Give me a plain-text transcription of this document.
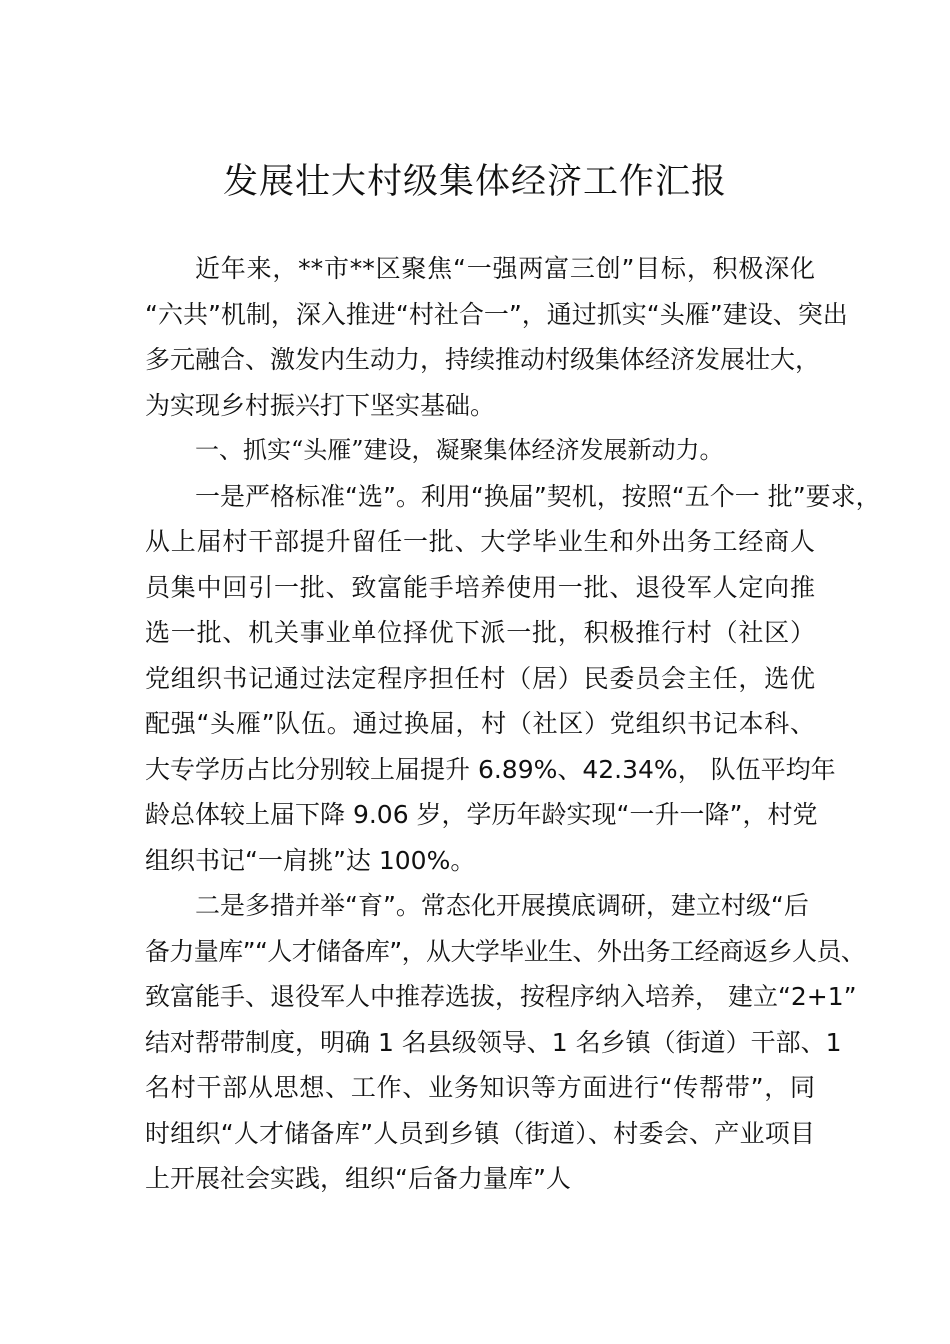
发展壮大村级集体经济工作汇报
近年来，**市**区聚焦“一强两富三创”目标，积极深化
“六共”机制，深入推进“村社合一”，通过抓实“头雁”建设、突出
多元融合、激发内生动力，持续推动村级集体经济发展壮大，
为实现乡村振兴打下坚实基础。
一、抓实“头雁”建设，凝聚集体经济发展新动力。
一是严格标准“选”。利用“换届”契机，按照“五个一 批”要求，
从上届村干部提升留任一批、大学毕业生和外出务工经商人
员集中回引一批、致富能手培养使用一批、退役军人定向推
选一批、机关事业单位择优下派一批，积极推行村（社区）
党组织书记通过法定程序担任村（居）民委员会主任，选优
配强“头雁”队伍。通过换届，村（社区）党组织书记本科、
大专学历占比分别较上届提升 6.89%、42.34%， 队伍平均年
龄总体较上届下降 9.06 岁，学历年龄实现“一升一降”，村党
组织书记“一肩挑”达 100%。
二是多措并举“育”。常态化开展摸底调研，建立村级“后
备力量库”“人才储备库”，从大学毕业生、外出务工经商返乡人员、
致富能手、退役军人中推荐选拔，按程序纳入培养， 建立“2+1”
结对帮带制度，明确 1 名县级领导、1 名乡镇（街道）干部、1
名村干部从思想、工作、业务知识等方面进行“传帮带”，同
时组织“人才储备库”人员到乡镇（街道）、村委会、产业项目
上开展社会实践，组织“后备力量库”人
